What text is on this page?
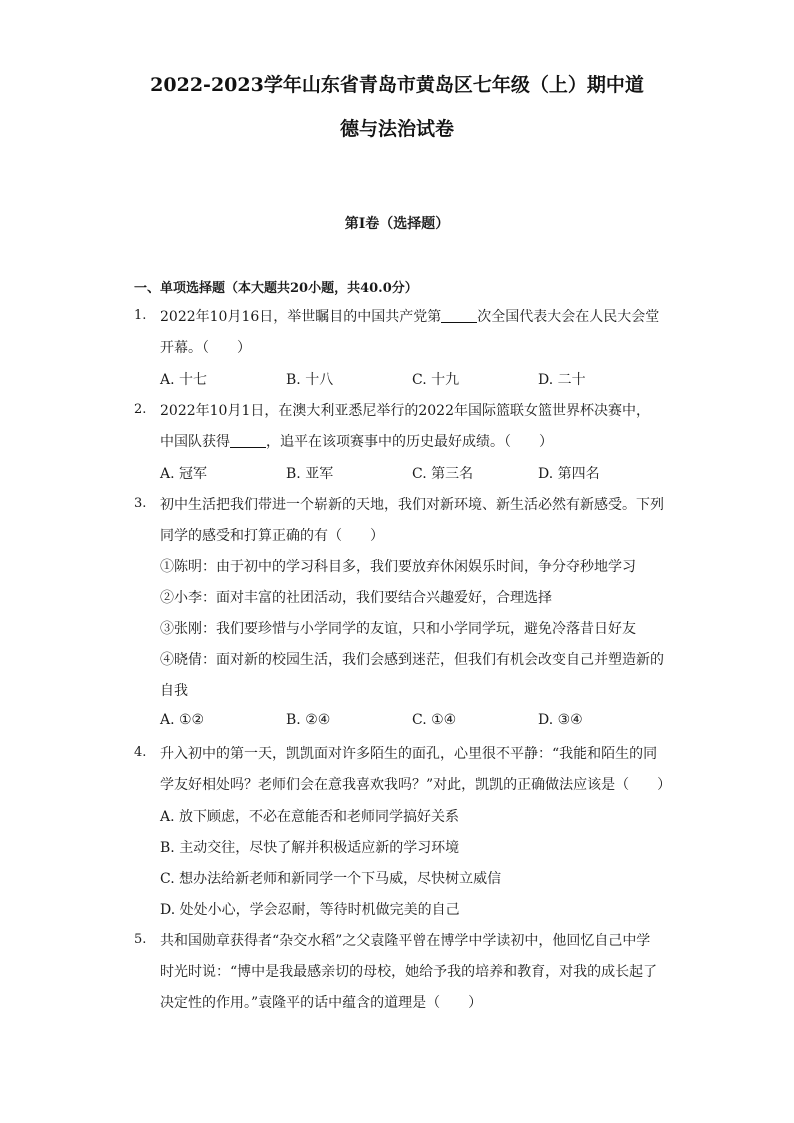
2022-2023学年山东省青岛市黄岛区七年级（上）期中道
德与法治试卷
第I卷（选择题）
一、单项选择题（本大题共20小题，共40.0分）
1. 2022年10月16日，举世瞩目的中国共产党第	次全国代表大会在人民大会堂
开幕。（　　）
A. 十七	B. 十八	C. 十九	D. 二十
2. 2022年10月1日，在澳大利亚悉尼举行的2022年国际篮联女篮世界杯决赛中，
中国队获得	，追平在该项赛事中的历史最好成绩。（　　）
A. 冠军	B. 亚军	C. 第三名	D. 第四名
3. 初中生活把我们带进一个崭新的天地，我们对新环境、新生活必然有新感受。下列
同学的感受和打算正确的有（　　）
①陈明：由于初中的学习科目多，我们要放弃休闲娱乐时间，争分夺秒地学习
②小李：面对丰富的社团活动，我们要结合兴趣爱好，合理选择
③张刚：我们要珍惜与小学同学的友谊，只和小学同学玩，避免冷落昔日好友
④晓倩：面对新的校园生活，我们会感到迷茫，但我们有机会改变自己并塑造新的
自我
A. ①②	B. ②④	C. ①④	D. ③④
4. 升入初中的第一天，凯凯面对许多陌生的面孔，心里很不平静：“我能和陌生的同
学友好相处吗？老师们会在意我喜欢我吗？”对此，凯凯的正确做法应该是（　　）
A. 放下顾虑，不必在意能否和老师同学搞好关系
B. 主动交往，尽快了解并积极适应新的学习环境
C. 想办法给新老师和新同学一个下马威，尽快树立威信
D. 处处小心，学会忍耐，等待时机做完美的自己
5. 共和国勋章获得者“杂交水稻”之父袁隆平曾在博学中学读初中，他回忆自己中学
时光时说：“博中是我最感亲切的母校，她给予我的培养和教育，对我的成长起了
决定性的作用。”袁隆平的话中蕴含的道理是（　　）
